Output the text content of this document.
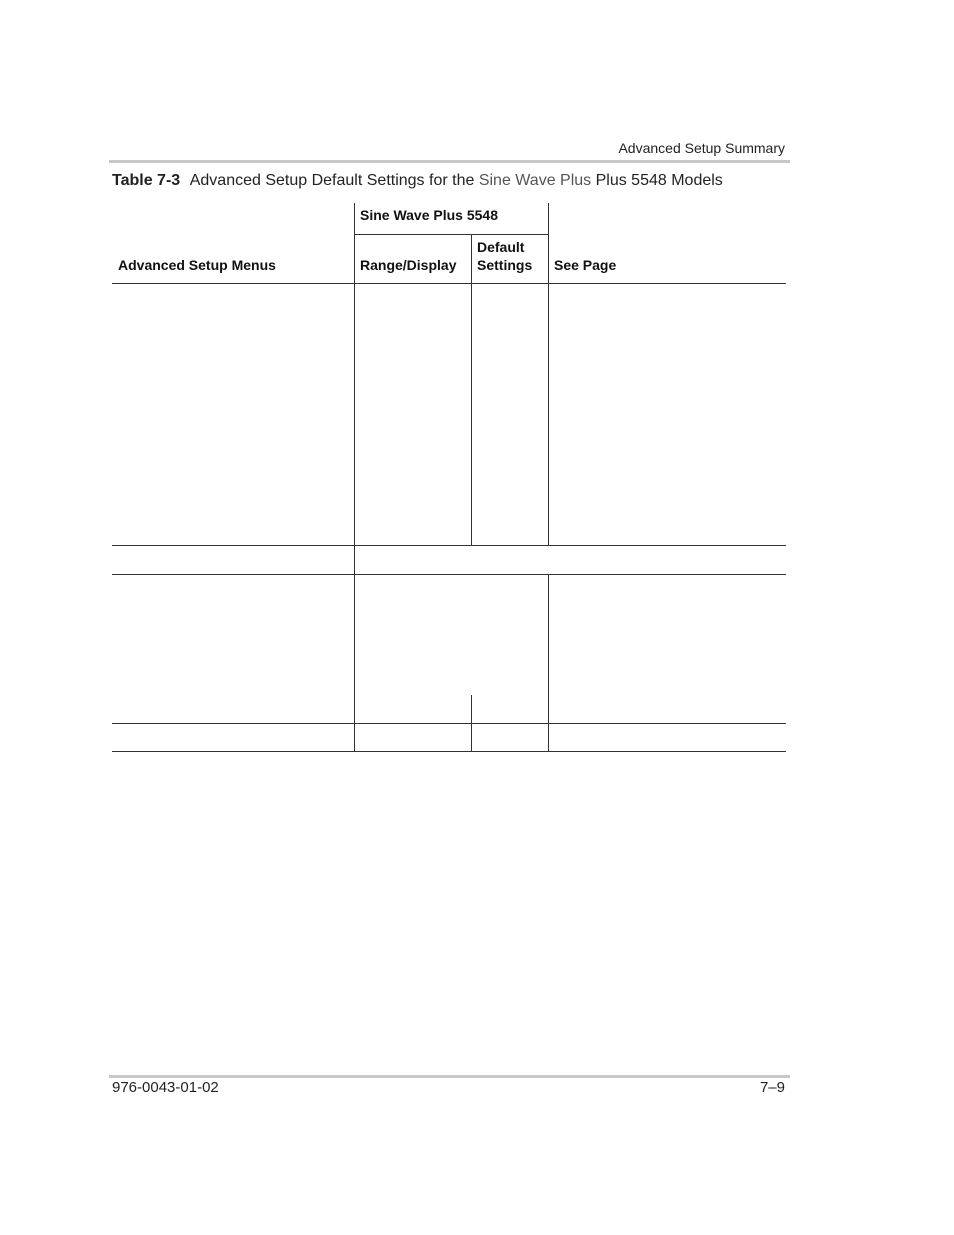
Advanced Setup Summary
Table 7-3 Advanced Setup Default Settings for the Sine Wave Plus Plus 5548 Models
Sine Wave Plus 5548
Advanced Setup Menus	Range/Display
Default
Settings See Page
976-0043-01-02	7–9
